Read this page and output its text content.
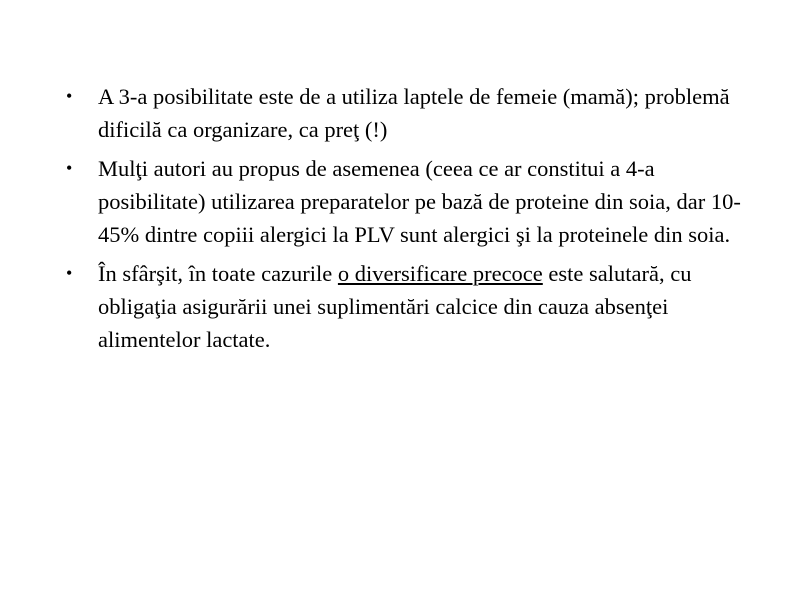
•	A 3-a posibilitate este de a utiliza laptele de femeie (mamă); problemă dificilă ca organizare, ca preţ (!)
•	Mulţi autori au propus de asemenea (ceea ce ar constitui a 4-a posibilitate) utilizarea preparatelor pe bază de proteine din soia, dar 10-45% dintre copiii alergici la PLV sunt alergici şi la proteinele din soia.
•	În sfârşit, în toate cazurile o diversificare precoce este salutară, cu obligaţia asigurării unei suplimentări calcice din cauza absenţei alimentelor lactate.
